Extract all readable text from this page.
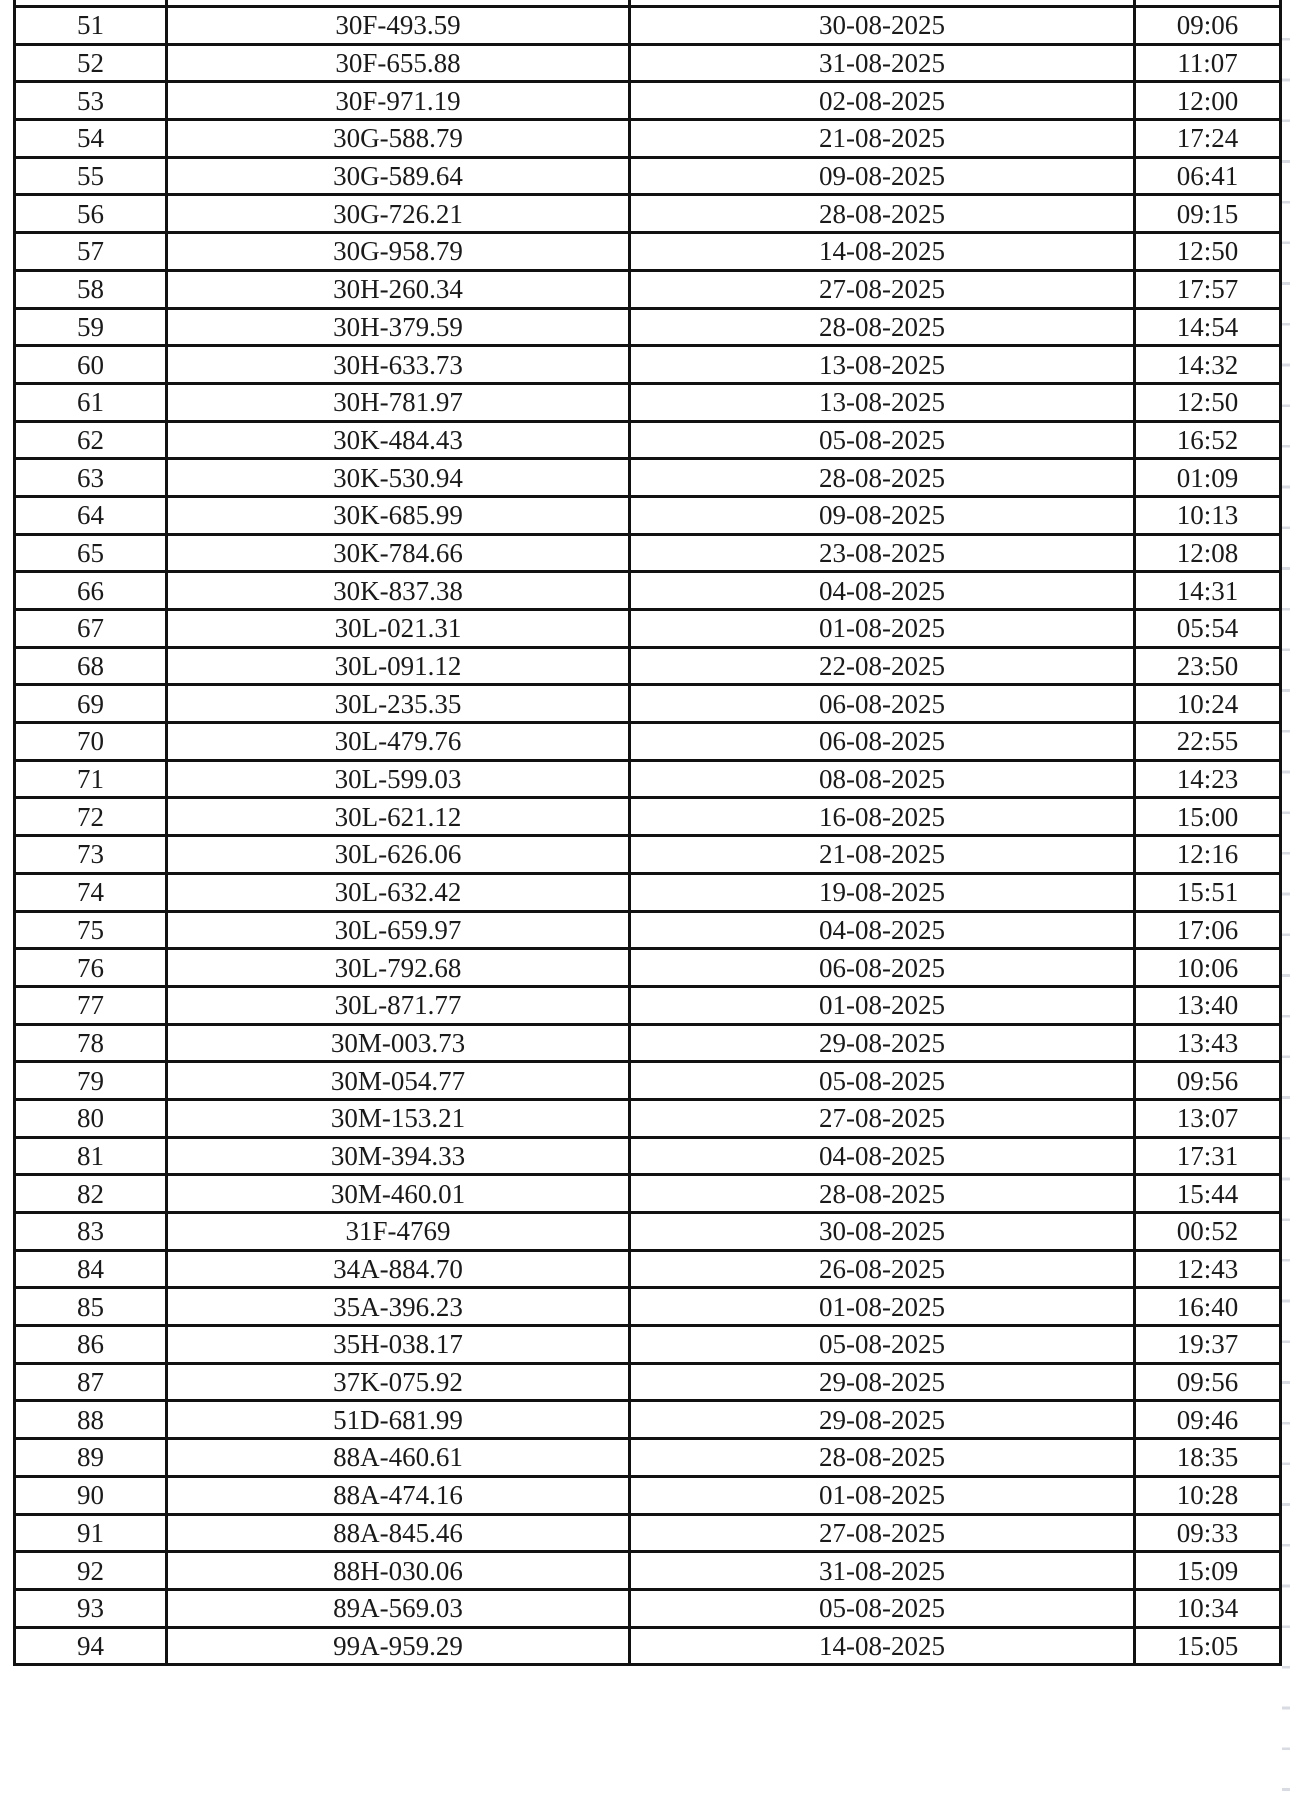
51	30F-493.59	30-08-2025	09:06
52	30F-655.88	31-08-2025	11:07
53	30F-971.19	02-08-2025	12:00
54	30G-588.79	21-08-2025	17:24
55	30G-589.64	09-08-2025	06:41
56	30G-726.21	28-08-2025	09:15
57	30G-958.79	14-08-2025	12:50
58	30H-260.34	27-08-2025	17:57
59	30H-379.59	28-08-2025	14:54
60	30H-633.73	13-08-2025	14:32
61	30H-781.97	13-08-2025	12:50
62	30K-484.43	05-08-2025	16:52
63	30K-530.94	28-08-2025	01:09
64	30K-685.99	09-08-2025	10:13
65	30K-784.66	23-08-2025	12:08
66	30K-837.38	04-08-2025	14:31
67	30L-021.31	01-08-2025	05:54
68	30L-091.12	22-08-2025	23:50
69	30L-235.35	06-08-2025	10:24
70	30L-479.76	06-08-2025	22:55
71	30L-599.03	08-08-2025	14:23
72	30L-621.12	16-08-2025	15:00
73	30L-626.06	21-08-2025	12:16
74	30L-632.42	19-08-2025	15:51
75	30L-659.97	04-08-2025	17:06
76	30L-792.68	06-08-2025	10:06
77	30L-871.77	01-08-2025	13:40
78	30M-003.73	29-08-2025	13:43
79	30M-054.77	05-08-2025	09:56
80	30M-153.21	27-08-2025	13:07
81	30M-394.33	04-08-2025	17:31
82	30M-460.01	28-08-2025	15:44
83	31F-4769	30-08-2025	00:52
84	34A-884.70	26-08-2025	12:43
85	35A-396.23	01-08-2025	16:40
86	35H-038.17	05-08-2025	19:37
87	37K-075.92	29-08-2025	09:56
88	51D-681.99	29-08-2025	09:46
89	88A-460.61	28-08-2025	18:35
90	88A-474.16	01-08-2025	10:28
91	88A-845.46	27-08-2025	09:33
92	88H-030.06	31-08-2025	15:09
93	89A-569.03	05-08-2025	10:34
94	99A-959.29	14-08-2025	15:05
